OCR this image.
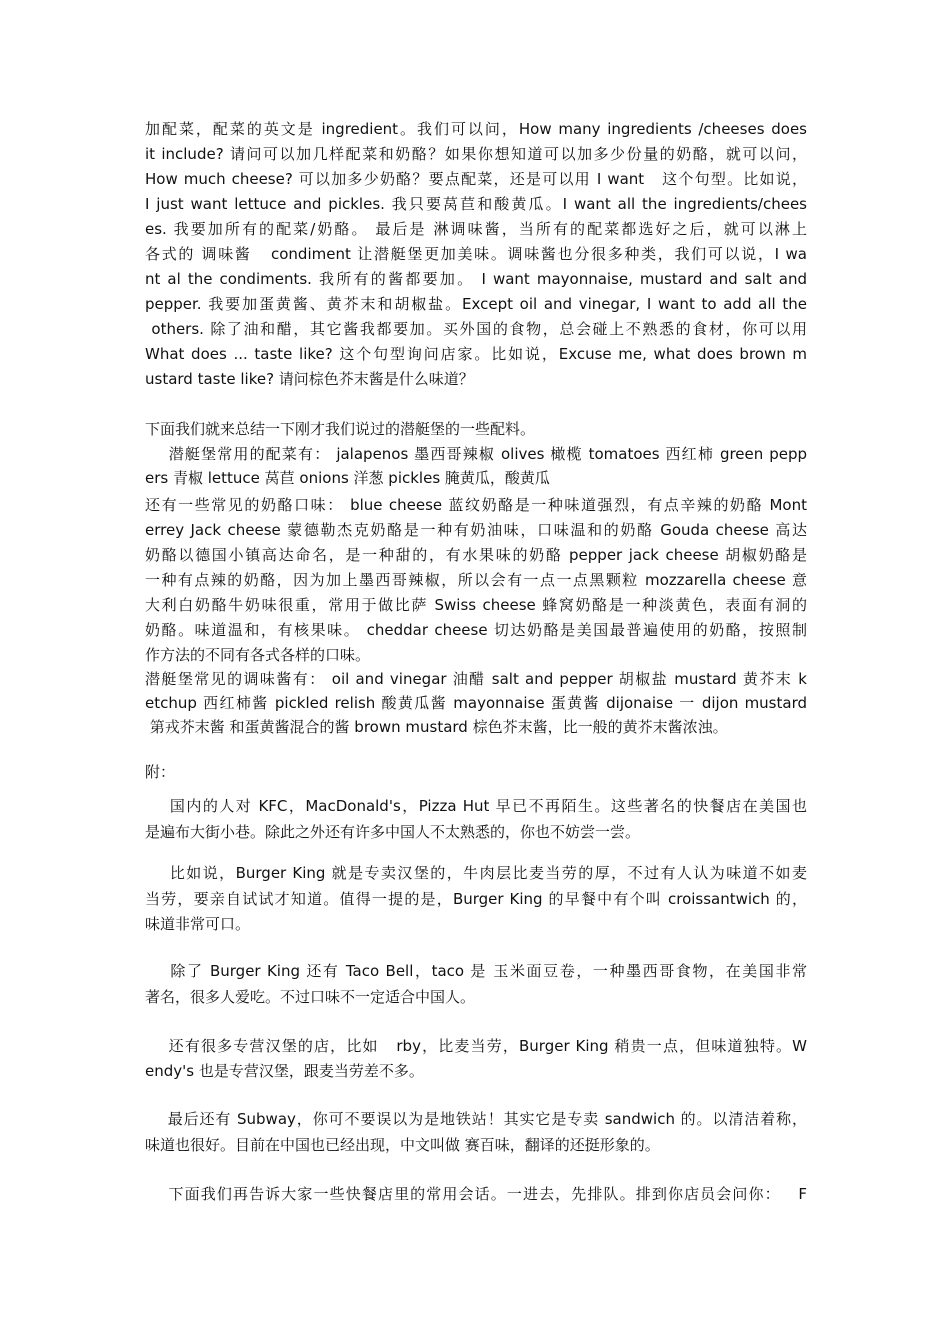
加配菜，配菜的英文是 ingredient。我们可以问，How many ingredients /cheeses does
it include? 请问可以加几样配菜和奶酪？如果你想知道可以加多少份量的奶酪，就可以问，
How much cheese? 可以加多少奶酪？要点配菜，还是可以用 I want   这个句型。比如说，
I just want lettuce and pickles. 我只要莴苣和酸黄瓜。I want all the ingredients/chees
es. 我要加所有的配菜/奶酪。 最后是 淋调味酱，当所有的配菜都选好之后，就可以淋上
各式的 调味酱   condiment 让潜艇堡更加美味。调味酱也分很多种类，我们可以说，I wa
nt al the condiments. 我所有的酱都要加。 I want mayonnaise, mustard and salt and
pepper. 我要加蛋黄酱、黄芥末和胡椒盐。Except oil and vinegar, I want to add all the
others. 除了油和醋，其它酱我都要加。买外国的食物，总会碰上不熟悉的食材，你可以用
What does ... taste like? 这个句型询问店家。比如说，Excuse me, what does brown m
ustard taste like? 请问棕色芥末酱是什么味道？
下面我们就来总结一下刚才我们说过的潜艇堡的一些配料。
潜艇堡常用的配菜有： jalapenos 墨西哥辣椒 olives 橄榄 tomatoes 西红柿 green pepp
ers 青椒 lettuce 莴苣 onions 洋葱 pickles 腌黄瓜，酸黄瓜
还有一些常见的奶酪口味： blue cheese 蓝纹奶酪是一种味道强烈，有点辛辣的奶酪 Mont
errey Jack cheese 蒙德勒杰克奶酪是一种有奶油味，口味温和的奶酪 Gouda cheese 高达
奶酪以德国小镇高达命名，是一种甜的，有水果味的奶酪 pepper jack cheese 胡椒奶酪是
一种有点辣的奶酪，因为加上墨西哥辣椒，所以会有一点一点黑颗粒 mozzarella cheese 意
大利白奶酪牛奶味很重，常用于做比萨 Swiss cheese 蜂窝奶酪是一种淡黄色，表面有洞的
奶酪。味道温和，有核果味。 cheddar cheese 切达奶酪是美国最普遍使用的奶酪，按照制
作方法的不同有各式各样的口味。
潜艇堡常见的调味酱有： oil and vinegar 油醋 salt and pepper 胡椒盐 mustard 黄芥末 k
etchup 西红柿酱 pickled relish 酸黄瓜酱 mayonnaise 蛋黄酱 dijonaise 一 dijon mustard
第戎芥末酱 和蛋黄酱混合的酱 brown mustard 棕色芥末酱，比一般的黄芥末酱浓浊。
附：
国内的人对 KFC，MacDonald's，Pizza Hut 早已不再陌生。这些著名的快餐店在美国也
是遍布大街小巷。除此之外还有许多中国人不太熟悉的，你也不妨尝一尝。
比如说，Burger King 就是专卖汉堡的，牛肉层比麦当劳的厚，不过有人认为味道不如麦
当劳，要亲自试试才知道。值得一提的是，Burger King 的早餐中有个叫 croissantwich 的，
味道非常可口。
除了 Burger King 还有 Taco Bell，taco 是 玉米面豆卷，一种墨西哥食物，在美国非常
著名，很多人爱吃。不过口味不一定适合中国人。
还有很多专营汉堡的店，比如   rby，比麦当劳，Burger King 稍贵一点，但味道独特。W
endy's 也是专营汉堡，跟麦当劳差不多。
最后还有 Subway，你可不要误以为是地铁站！其实它是专卖 sandwich 的。以清洁着称，
味道也很好。目前在中国也已经出现，中文叫做 赛百味，翻译的还挺形象的。
下面我们再告诉大家一些快餐店里的常用会话。一进去，先排队。排到你店员会问你：   F
